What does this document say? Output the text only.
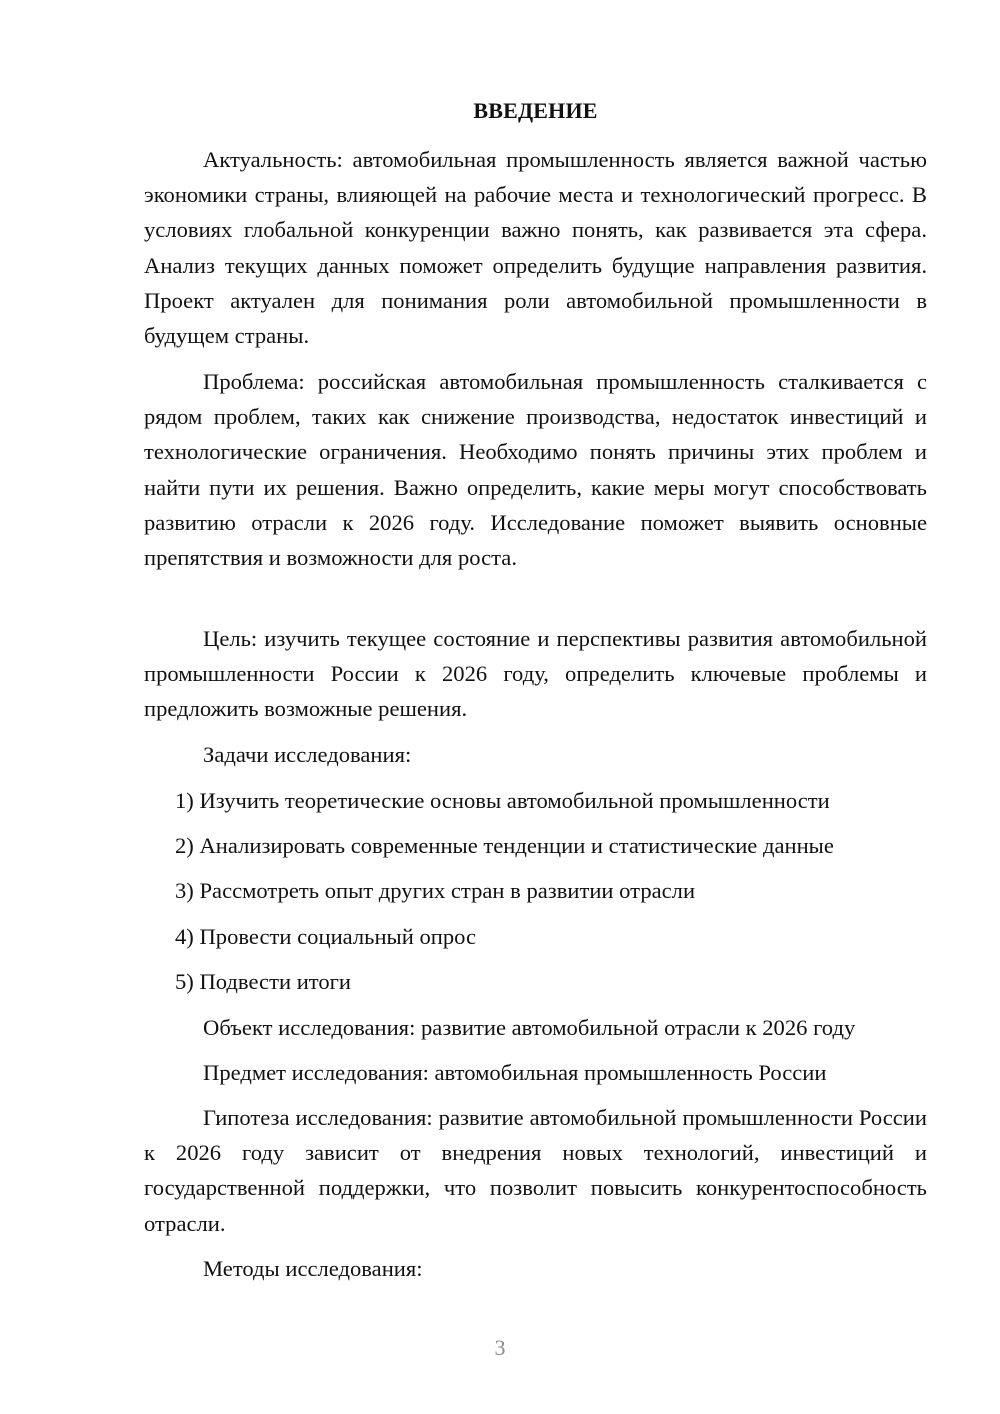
ВВЕДЕНИЕ

Актуальность: автомобильная промышленность является важной частью экономики страны, влияющей на рабочие места и технологический прогресс. В условиях глобальной конкуренции важно понять, как развивается эта сфера. Анализ текущих данных поможет определить будущие направления развития. Проект актуален для понимания роли автомобильной промышленности в будущем страны.

Проблема: российская автомобильная промышленность сталкивается с рядом проблем, таких как снижение производства, недостаток инвестиций и технологические ограничения. Необходимо понять причины этих проблем и найти пути их решения. Важно определить, какие меры могут способствовать развитию отрасли к 2026 году. Исследование поможет выявить основные препятствия и возможности для роста.

Цель: изучить текущее состояние и перспективы развития автомобильной промышленности России к 2026 году, определить ключевые проблемы и предложить возможные решения.

Задачи исследования:

1) Изучить теоретические основы автомобильной промышленности
2) Анализировать современные тенденции и статистические данные
3) Рассмотреть опыт других стран в развитии отрасли
4) Провести социальный опрос
5) Подвести итоги

Объект исследования: развитие автомобильной отрасли к 2026 году

Предмет исследования: автомобильная промышленность России

Гипотеза исследования: развитие автомобильной промышленности России к 2026 году зависит от внедрения новых технологий, инвестиций и государственной поддержки, что позволит повысить конкурентоспособность отрасли.

Методы исследования:

3
